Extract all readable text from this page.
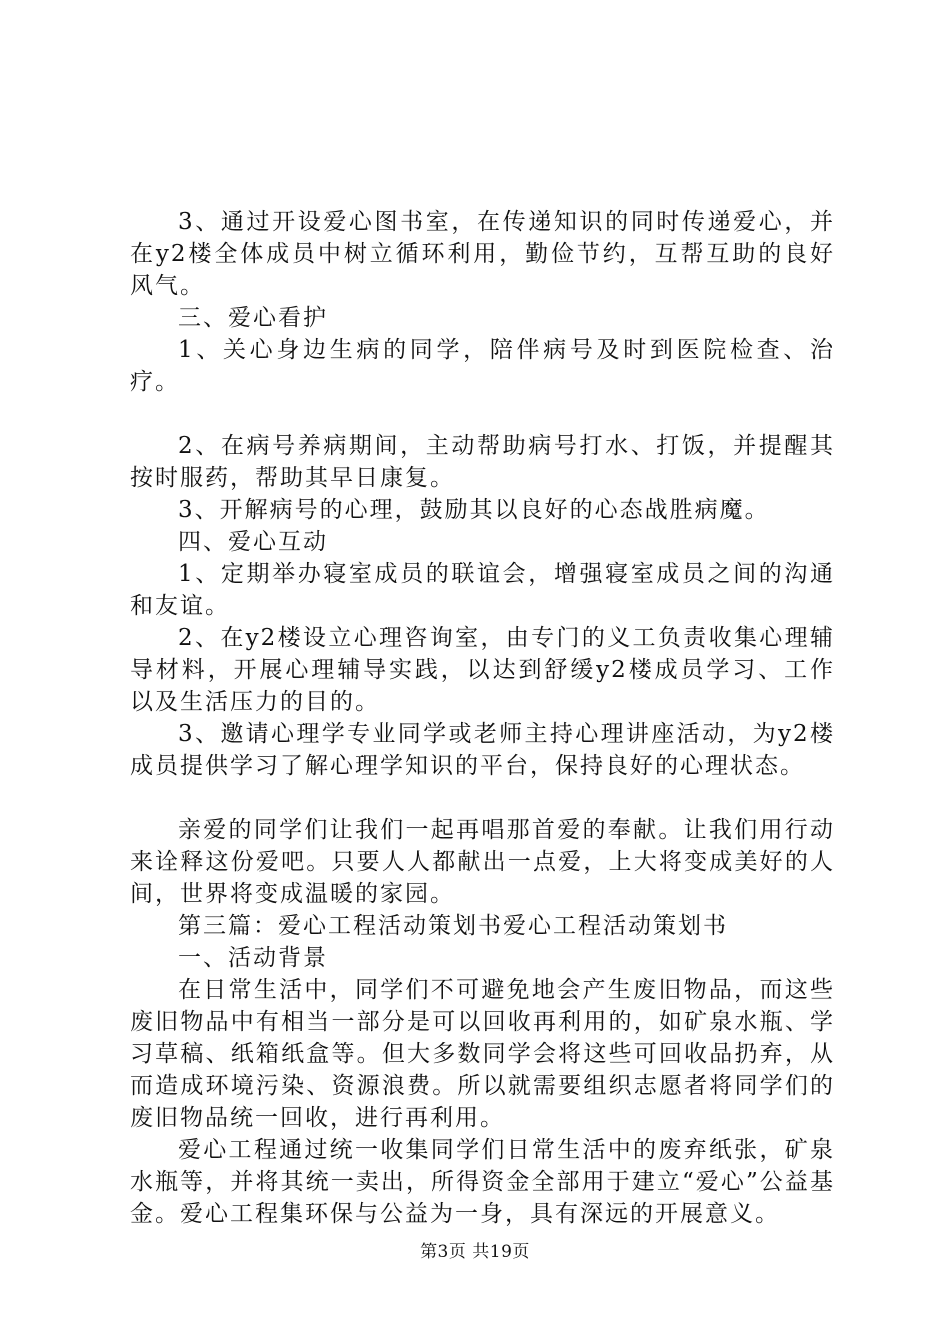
3、通过开设爱心图书室，在传递知识的同时传递爱心，并在y2楼全体成员中树立循环利用，勤俭节约，互帮互助的良好风气。

三、爱心看护

1、关心身边生病的同学，陪伴病号及时到医院检查、治疗。

2、在病号养病期间，主动帮助病号打水、打饭，并提醒其按时服药，帮助其早日康复。

3、开解病号的心理，鼓励其以良好的心态战胜病魔。

四、爱心互动

1、定期举办寝室成员的联谊会，增强寝室成员之间的沟通和友谊。

2、在y2楼设立心理咨询室，由专门的义工负责收集心理辅导材料，开展心理辅导实践，以达到舒缓y2楼成员学习、工作以及生活压力的目的。

3、邀请心理学专业同学或老师主持心理讲座活动，为y2楼成员提供学习了解心理学知识的平台，保持良好的心理状态。

亲爱的同学们让我们一起再唱那首爱的奉献。让我们用行动来诠释这份爱吧。只要人人都献出一点爱，上大将变成美好的人间，世界将变成温暖的家园。

第三篇：爱心工程活动策划书爱心工程活动策划书

一、活动背景

在日常生活中，同学们不可避免地会产生废旧物品，而这些废旧物品中有相当一部分是可以回收再利用的，如矿泉水瓶、学习草稿、纸箱纸盒等。但大多数同学会将这些可回收品扔弃，从而造成环境污染、资源浪费。所以就需要组织志愿者将同学们的废旧物品统一回收，进行再利用。

爱心工程通过统一收集同学们日常生活中的废弃纸张，矿泉水瓶等，并将其统一卖出，所得资金全部用于建立“爱心”公益基金。爱心工程集环保与公益为一身，具有深远的开展意义。

第3页 共19页
